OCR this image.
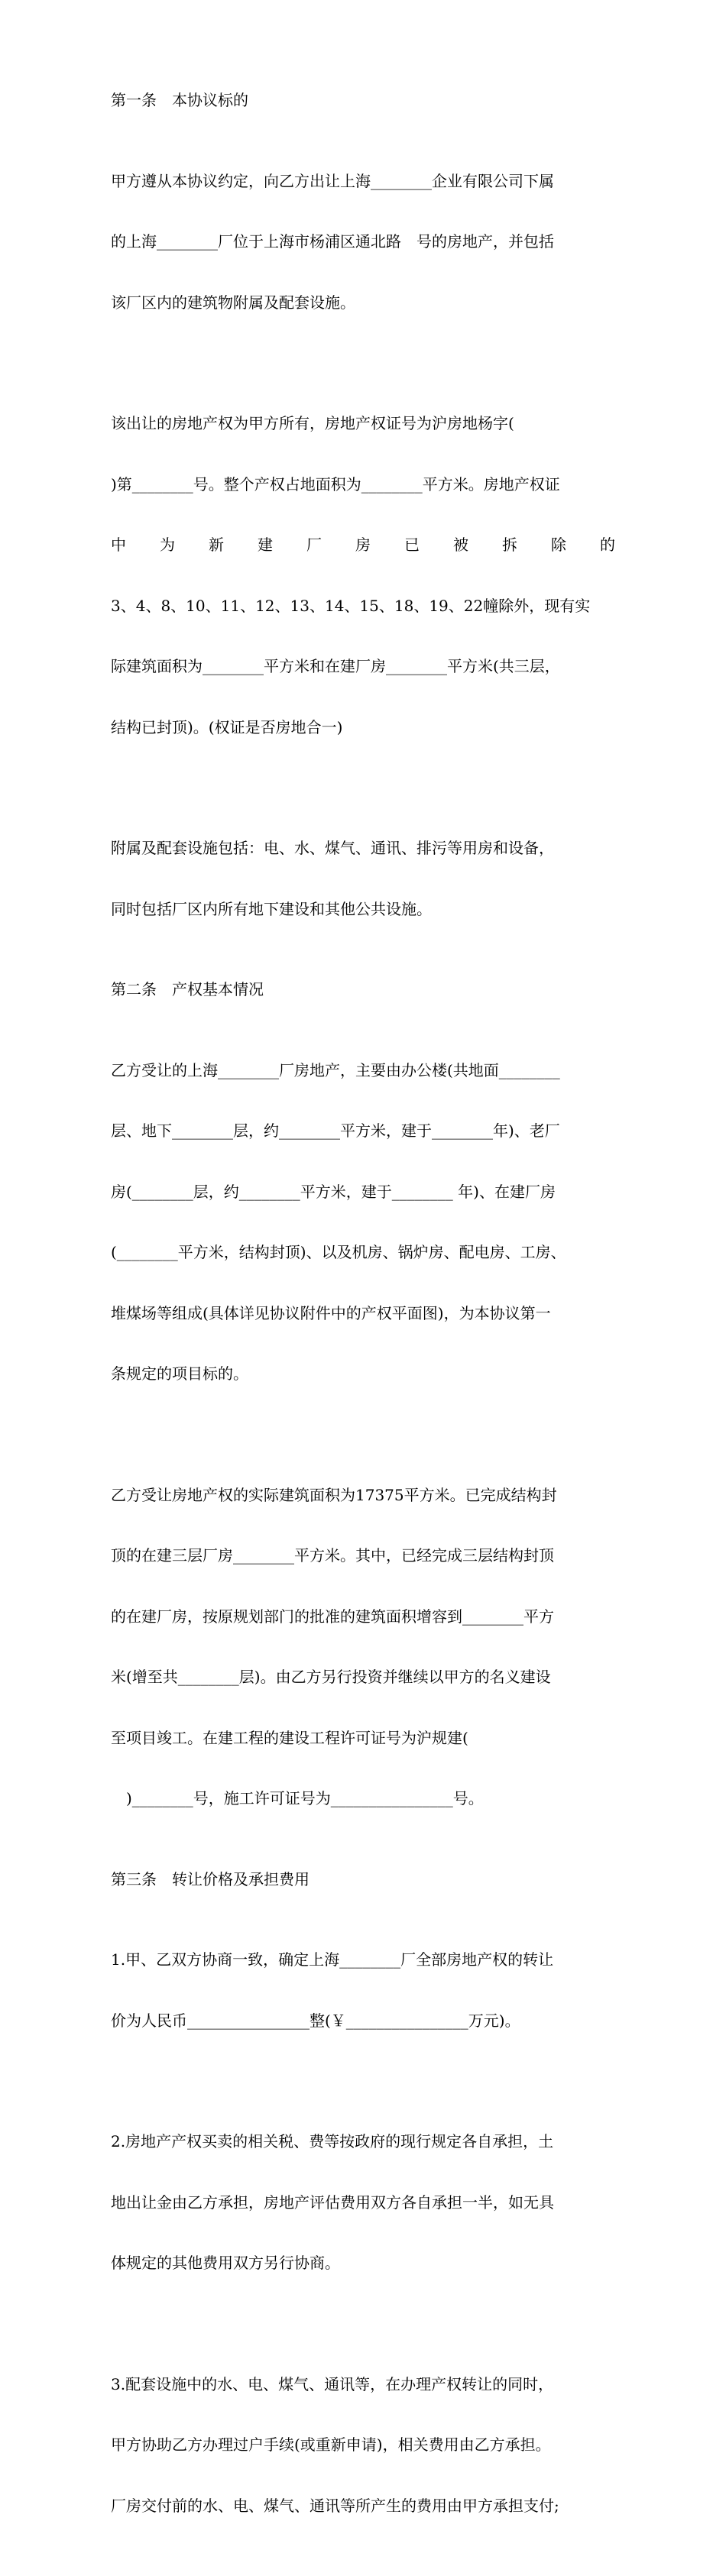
第一条　本协议标的

甲方遵从本协议约定，向乙方出让上海________企业有限公司下属

的上海________厂位于上海市杨浦区通北路　号的房地产，并包括

该厂区内的建筑物附属及配套设施。

该出让的房地产权为甲方所有，房地产权证号为沪房地杨字(

)第________号。整个产权占地面积为________平方米。房地产权证

中 为 新 建 厂 房 已 被 拆 除 的

3、4、8、10、11、12、13、14、15、18、19、22幢除外，现有实

际建筑面积为________平方米和在建厂房________平方米(共三层，

结构已封顶)。(权证是否房地合一)

附属及配套设施包括：电、水、煤气、通讯、排污等用房和设备，

同时包括厂区内所有地下建设和其他公共设施。

第二条　产权基本情况

乙方受让的上海________厂房地产，主要由办公楼(共地面________

层、地下________层，约________平方米，建于________年)、老厂

房(________层，约________平方米，建于________ 年)、在建厂房

(________平方米，结构封顶)、以及机房、锅炉房、配电房、工房、

堆煤场等组成(具体详见协议附件中的产权平面图)，为本协议第一

条规定的项目标的。

乙方受让房地产权的实际建筑面积为17375平方米。已完成结构封

顶的在建三层厂房________平方米。其中，已经完成三层结构封顶

的在建厂房，按原规划部门的批准的建筑面积增容到________平方

米(增至共________层)。由乙方另行投资并继续以甲方的名义建设

至项目竣工。在建工程的建设工程许可证号为沪规建(

　)________号，施工许可证号为________________号。

第三条　转让价格及承担费用

1.甲、乙双方协商一致，确定上海________厂全部房地产权的转让

价为人民币________________整(￥________________万元)。

2.房地产产权买卖的相关税、费等按政府的现行规定各自承担，土

地出让金由乙方承担，房地产评估费用双方各自承担一半，如无具

体规定的其他费用双方另行协商。

3.配套设施中的水、电、煤气、通讯等，在办理产权转让的同时，

甲方协助乙方办理过户手续(或重新申请)，相关费用由乙方承担。

厂房交付前的水、电、煤气、通讯等所产生的费用由甲方承担支付;
